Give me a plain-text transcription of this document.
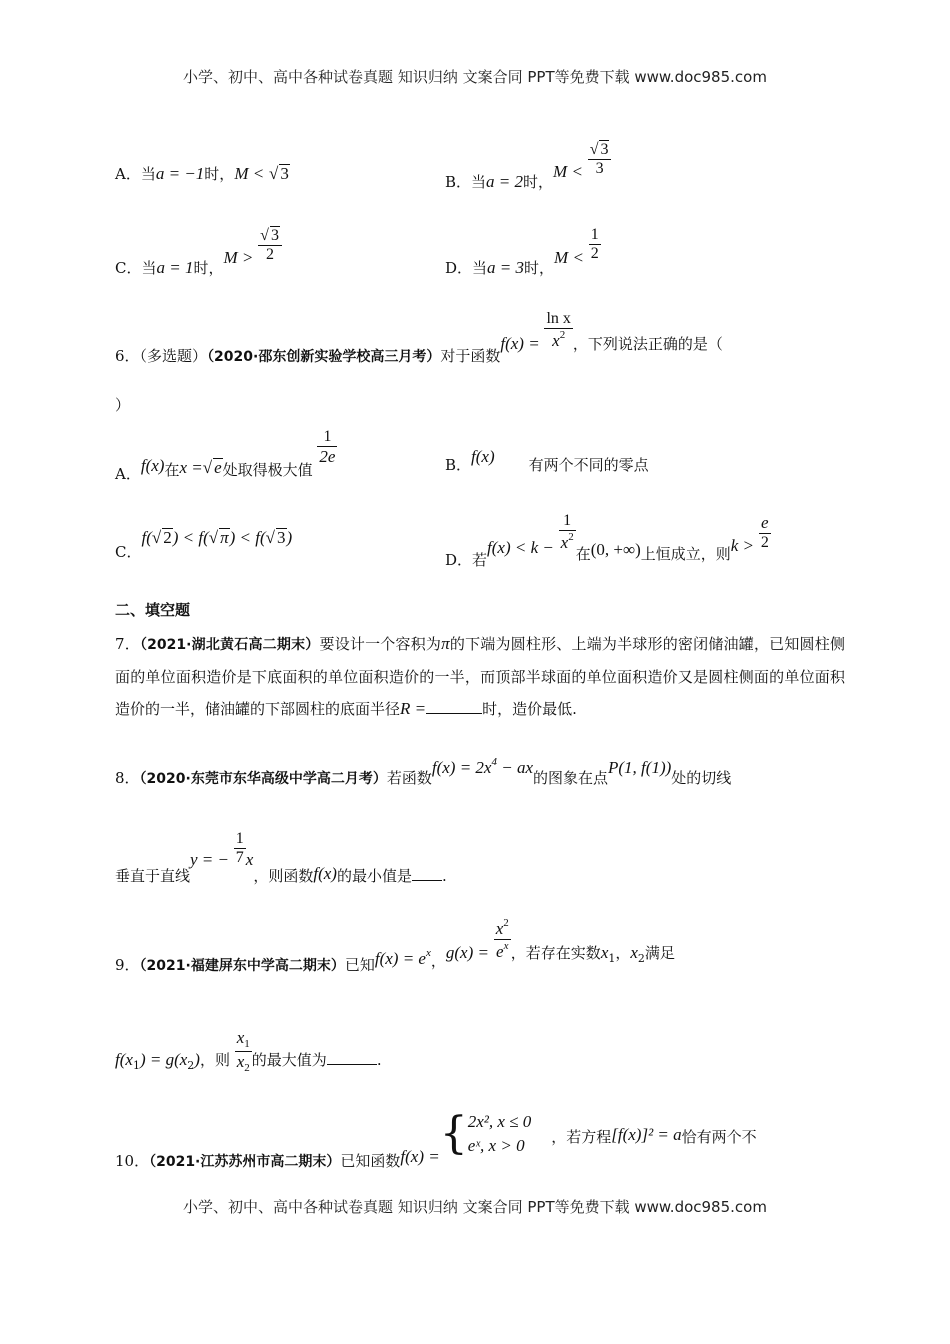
小学、初中、高中各种试卷真题 知识归纳 文案合同 PPT等免费下载 www.doc985.com
A．当a = −1时，M < √ 3	B．当a = 2时，$M < \frac{√ 3}{3}$
C．当a = 1时，$M > \frac{√ 3}{2}$
D．当a = 3时，$M < \frac{1}{2}$
6．（多选题）（2020·邵东创新实验学校高三月考）对于函数$f(x) = \frac{\text{ln x}}{x^2}$ ，下列说法正确的是（
）
A．f(x)在x =√ e处取得极大值
$\frac{1}{2e}$	B．f(x) 有两个不同的零点
C．f(√ 2) < f(√ π) < f(√ 3)
D．若$f(x) < k - \frac{1}{x^2}$
在(0, +∞)上恒成立，则$k > \frac{e}{2}$
二、填空题
7．（2021·湖北黄石高二期末）要设计一个容积为π的下端为圆柱形、上端为半球形的密闭储油罐，已知圆柱侧面的单位面积造价是下底面积的单位面积造价的一半，而顶部半球面的单位面积造价又是圆柱侧面的单位面积造价的一半，储油罐的下部圆柱的底面半径R =	时，造价最低.
8．（2020·东莞市东华高级中学高二月考）若函数$f(x) = 2x^4$ − ax的图象在点P(1, f(1))处的切线
垂直于直线y = − $\frac{1}{7}$ x，则函数f(x)的最小值是 .
9．（2021·福建屏东中学高二期末）已知$f(x) = e_x$，$g(x) = \frac{x^2}{e^x}$ ，若存在实数$x_1$，$x_2$满足
$f(x_1) = g(x_2)$，则 $\frac{x_1}{x_2}$ 的最大值为	.
10．（2021·江苏苏州市高二期末）已知函数f(x) ={ 2x², x ≤ 0
eˣ, x > 0	，若方程[f(x)]² = a恰有两个不
小学、初中、高中各种试卷真题 知识归纳 文案合同 PPT等免费下载 www.doc985.com
